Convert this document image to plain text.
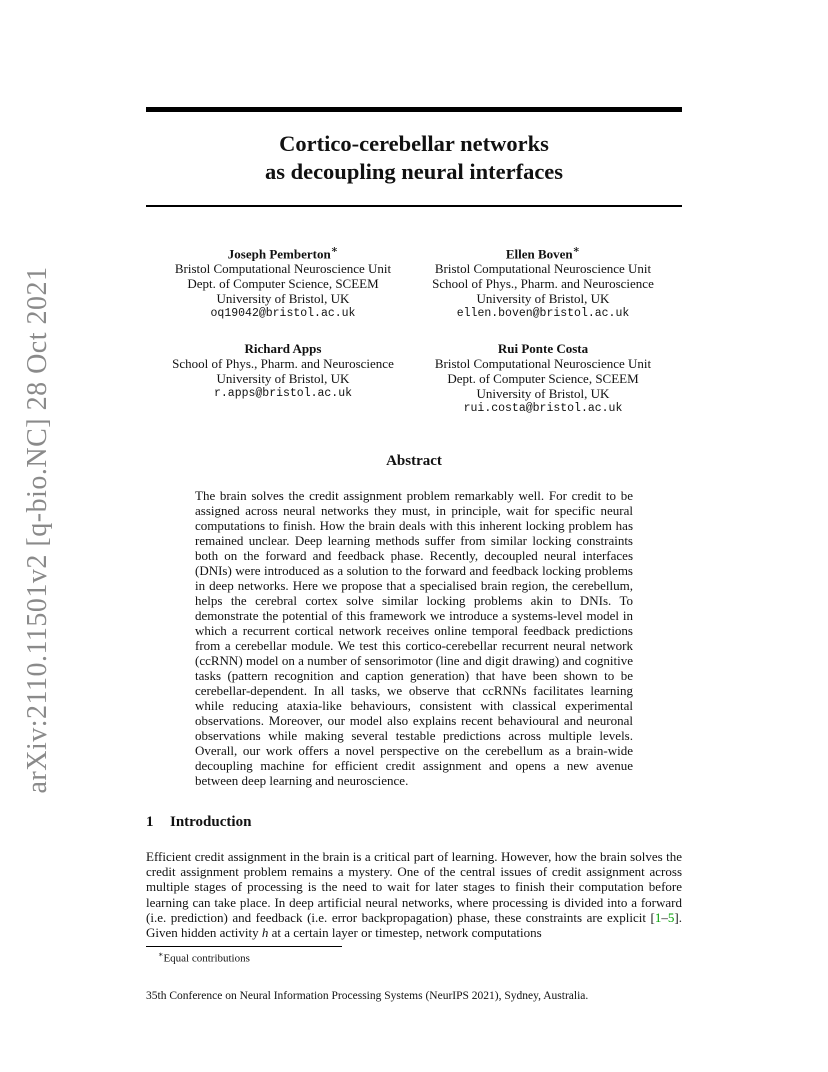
arXiv:2110.11501v2 [q-bio.NC] 28 Oct 2021
Cortico-cerebellar networks
as decoupling neural interfaces
Joseph Pemberton∗
Bristol Computational Neuroscience Unit
Dept. of Computer Science, SCEEM
University of Bristol, UK
oq19042@bristol.ac.uk
Ellen Boven∗
Bristol Computational Neuroscience Unit
School of Phys., Pharm. and Neuroscience
University of Bristol, UK
ellen.boven@bristol.ac.uk
Richard Apps
School of Phys., Pharm. and Neuroscience
University of Bristol, UK
r.apps@bristol.ac.uk
Rui Ponte Costa
Bristol Computational Neuroscience Unit
Dept. of Computer Science, SCEEM
University of Bristol, UK
rui.costa@bristol.ac.uk
Abstract
The brain solves the credit assignment problem remarkably well. For credit to be assigned across neural networks they must, in principle, wait for specific neural computations to finish. How the brain deals with this inherent locking problem has remained unclear. Deep learning methods suffer from similar locking constraints both on the forward and feedback phase. Recently, decoupled neural interfaces (DNIs) were introduced as a solution to the forward and feedback locking problems in deep networks. Here we propose that a specialised brain region, the cerebellum, helps the cerebral cortex solve similar locking problems akin to DNIs. To demonstrate the potential of this framework we introduce a systems-level model in which a recurrent cortical network receives online temporal feedback predictions from a cerebellar module. We test this cortico-cerebellar recurrent neural network (ccRNN) model on a number of sensorimotor (line and digit drawing) and cognitive tasks (pattern recognition and caption generation) that have been shown to be cerebellar-dependent. In all tasks, we observe that ccRNNs facilitates learning while reducing ataxia-like behaviours, consistent with classical experimental observations. Moreover, our model also explains recent behavioural and neuronal observations while making several testable predictions across multiple levels. Overall, our work offers a novel perspective on the cerebellum as a brain-wide decoupling machine for efficient credit assignment and opens a new avenue between deep learning and neuroscience.
1 Introduction
Efficient credit assignment in the brain is a critical part of learning. However, how the brain solves the credit assignment problem remains a mystery. One of the central issues of credit assignment across multiple stages of processing is the need to wait for later stages to finish their computation before learning can take place. In deep artificial neural networks, where processing is divided into a forward (i.e. prediction) and feedback (i.e. error backpropagation) phase, these constraints are explicit [1–5]. Given hidden activity h at a certain layer or timestep, network computations
∗Equal contributions
35th Conference on Neural Information Processing Systems (NeurIPS 2021), Sydney, Australia.
